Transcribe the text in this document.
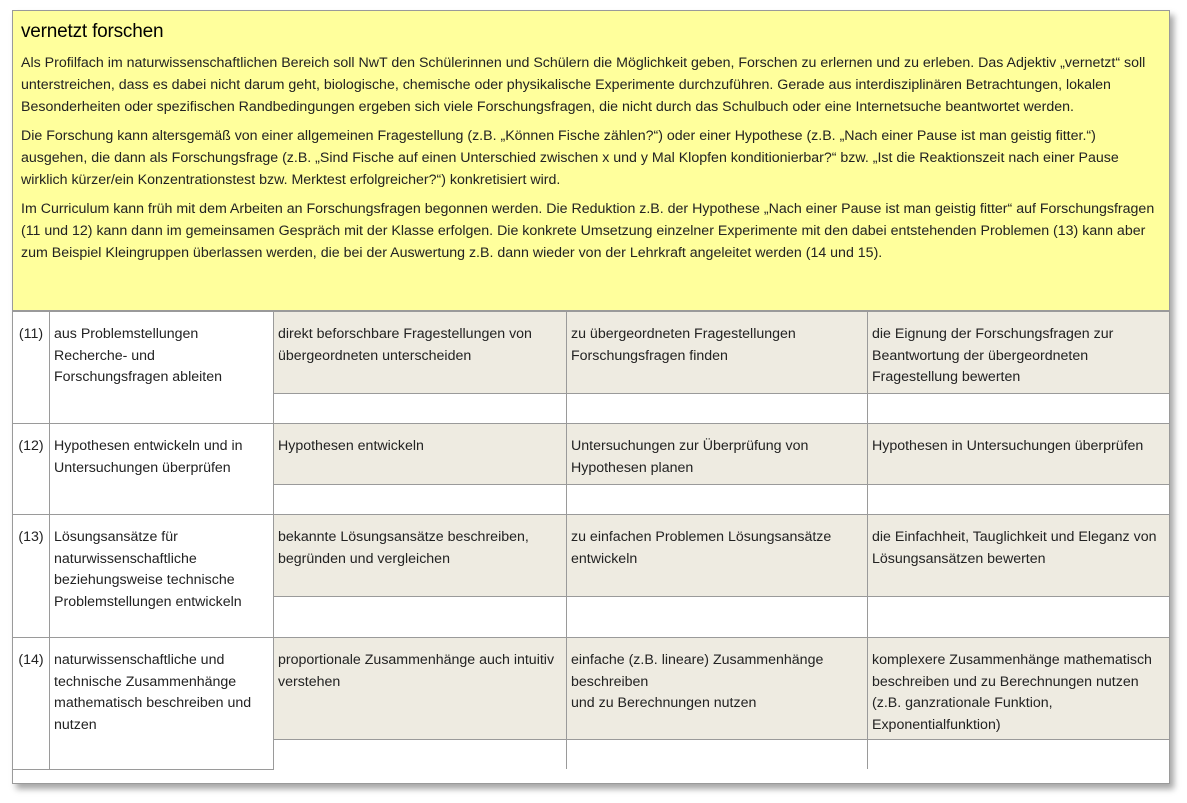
vernetzt forschen

Als Profilfach im naturwissenschaftlichen Bereich soll NwT den Schülerinnen und Schülern die Möglichkeit geben, Forschen zu erlernen und zu erleben. Das Adjektiv „vernetzt“ soll unterstreichen, dass es dabei nicht darum geht, biologische, chemische oder physikalische Experimente durchzuführen. Gerade aus interdisziplinären Betrachtungen, lokalen Besonderheiten oder spezifischen Randbedingungen ergeben sich viele Forschungsfragen, die nicht durch das Schulbuch oder eine Internetsuche beantwortet werden.

Die Forschung kann altersgemäß von einer allgemeinen Fragestellung (z.B. „Können Fische zählen?“) oder einer Hypothese (z.B. „Nach einer Pause ist man geistig fitter.“) ausgehen, die dann als Forschungsfrage (z.B. „Sind Fische auf einen Unterschied zwischen x und y Mal Klopfen konditionierbar?“ bzw. „Ist die Reaktionszeit nach einer Pause wirklich kürzer/ein Konzentrationstest bzw. Merktest erfolgreicher?“) konkretisiert wird.

Im Curriculum kann früh mit dem Arbeiten an Forschungsfragen begonnen werden. Die Reduktion z.B. der Hypothese „Nach einer Pause ist man geistig fitter“ auf Forschungsfragen (11 und 12) kann dann im gemeinsamen Gespräch mit der Klasse erfolgen. Die konkrete Umsetzung einzelner Experimente mit den dabei entstehenden Problemen (13) kann aber zum Beispiel Kleingruppen überlassen werden, die bei der Auswertung z.B. dann wieder von der Lehrkraft angeleitet werden (14 und 15).

(11)	aus Problemstellungen Recherche- und Forschungsfragen ableiten	direkt beforschbare Fragestellungen von übergeordneten unterscheiden	zu übergeordneten Fragestellungen Forschungsfragen finden	die Eignung der Forschungsfragen zur Beantwortung der übergeordneten Fragestellung bewerten

(12)	Hypothesen entwickeln und in Untersuchungen überprüfen	Hypothesen entwickeln	Untersuchungen zur Überprüfung von Hypothesen planen	Hypothesen in Untersuchungen überprüfen

(13)	Lösungsansätze für naturwissenschaftliche beziehungsweise technische Problemstellungen entwickeln	bekannte Lösungsansätze beschreiben, begründen und vergleichen	zu einfachen Problemen Lösungsansätze entwickeln	die Einfachheit, Tauglichkeit und Eleganz von Lösungsansätzen bewerten

(14)	naturwissenschaftliche und technische Zusammenhänge mathematisch beschreiben und nutzen	proportionale Zusammenhänge auch intuitiv verstehen	einfache (z.B. lineare) Zusammenhänge beschreiben
und zu Berechnungen nutzen	komplexere Zusammenhänge mathematisch beschreiben und zu Berechnungen nutzen (z.B. ganzrationale Funktion, Exponentialfunktion)
